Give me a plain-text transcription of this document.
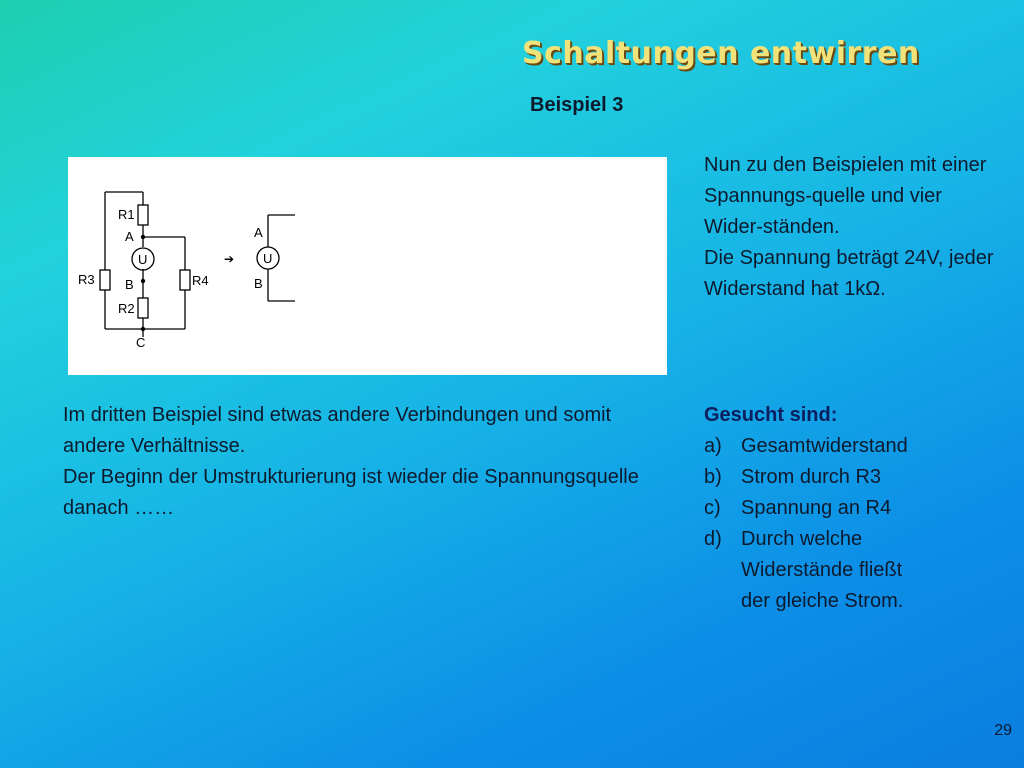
Schaltungen entwirren
Beispiel 3
R1
A
U
R3	R4
B
R2
C
➔
A
U
B

Nun zu den Beispielen mit einer Spannungs-quelle und vier Wider-ständen.

Die Spannung beträgt 24V, jeder Widerstand hat 1kΩ.

Im dritten Beispiel sind etwas andere Verbindungen und somit andere Verhältnisse.

Der Beginn der Umstrukturierung ist wieder die Spannungsquelle danach ……

Gesucht sind:
a) Gesamtwiderstand
b) Strom durch R3
c)	Spannung an R4
d) Durch welche
Widerstände fließt
der gleiche Strom.
29
